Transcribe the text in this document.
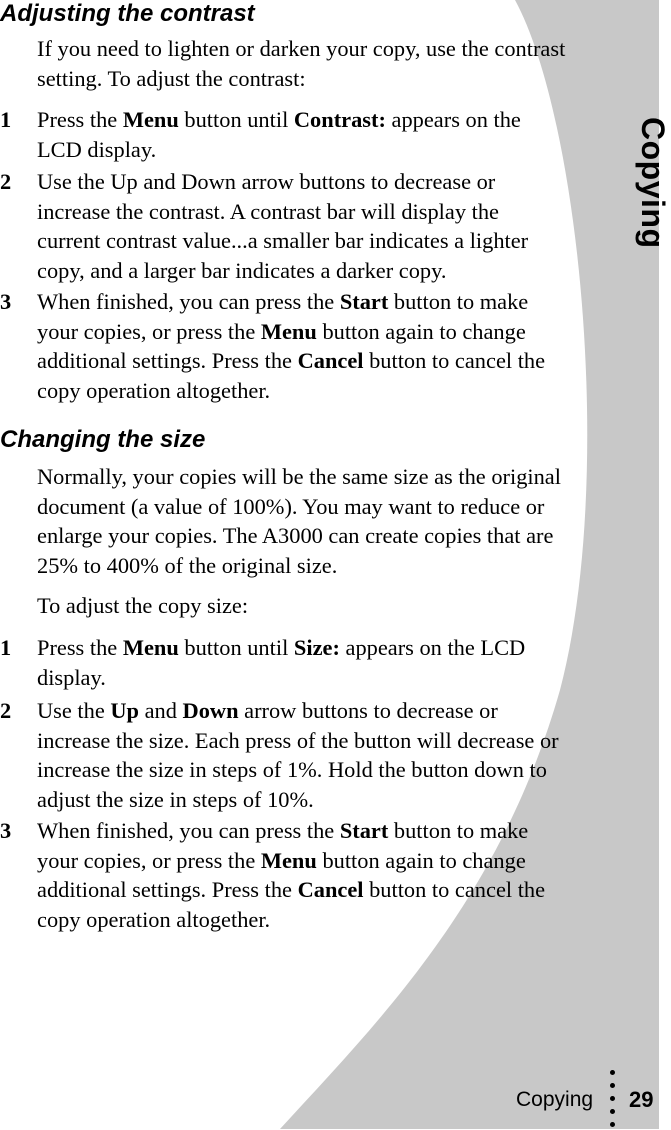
Adjusting the contrast

If you need to lighten or darken your copy, use the contrast setting. To adjust the contrast:

1 Press the Menu button until Contrast: appears on the LCD display.
2 Use the Up and Down arrow buttons to decrease or increase the contrast. A contrast bar will display the current contrast value...a smaller bar indicates a lighter copy, and a larger bar indicates a darker copy.
3 When finished, you can press the Start button to make your copies, or press the Menu button again to change additional settings. Press the Cancel button to cancel the copy operation altogether.
Changing the size

Normally, your copies will be the same size as the original document (a value of 100%). You may want to reduce or enlarge your copies. The A3000 can create copies that are 25% to 400% of the original size.

To adjust the copy size:

1 Press the Menu button until Size: appears on the LCD display.
2 Use the Up and Down arrow buttons to decrease or increase the size. Each press of the button will decrease or increase the size in steps of 1%. Hold the button down to adjust the size in steps of 10%.
3 When finished, you can press the Start button to make your copies, or press the Menu button again to change additional settings. Press the Cancel button to cancel the copy operation altogether.
Copying
Copying 29
